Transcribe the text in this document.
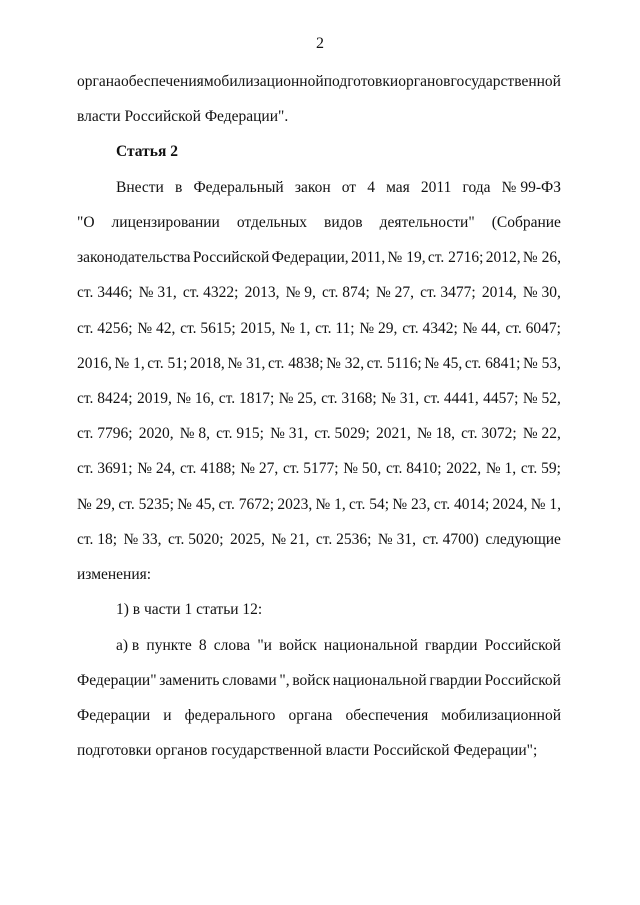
2
органа обеспечения мобилизационной подготовки органов государственной
власти Российской Федерации".
Статья 2
Внести в Федеральный закон от 4 мая 2011 года № 99-ФЗ
"О лицензировании отдельных видов деятельности" (Собрание
законодательства Российской Федерации, 2011, № 19, ст. 2716; 2012, № 26,
ст. 3446; № 31, ст. 4322; 2013, № 9, ст. 874; № 27, ст. 3477; 2014, № 30,
ст. 4256; № 42, ст. 5615; 2015, № 1, ст. 11; № 29, ст. 4342; № 44, ст. 6047;
2016, № 1, ст. 51; 2018, № 31, ст. 4838; № 32, ст. 5116; № 45, ст. 6841; № 53,
ст. 8424; 2019, № 16, ст. 1817; № 25, ст. 3168; № 31, ст. 4441, 4457; № 52,
ст. 7796; 2020, № 8, ст. 915; № 31, ст. 5029; 2021, № 18, ст. 3072; № 22,
ст. 3691; № 24, ст. 4188; № 27, ст. 5177; № 50, ст. 8410; 2022, № 1, ст. 59;
№ 29, ст. 5235; № 45, ст. 7672; 2023, № 1, ст. 54; № 23, ст. 4014; 2024, № 1,
ст. 18; № 33, ст. 5020; 2025, № 21, ст. 2536; № 31, ст. 4700) следующие
изменения:
1) в части 1 статьи 12:
а) в пункте 8 слова "и войск национальной гвардии Российской
Федерации" заменить словами ", войск национальной гвардии Российской
Федерации и федерального органа обеспечения мобилизационной
подготовки органов государственной власти Российской Федерации";
